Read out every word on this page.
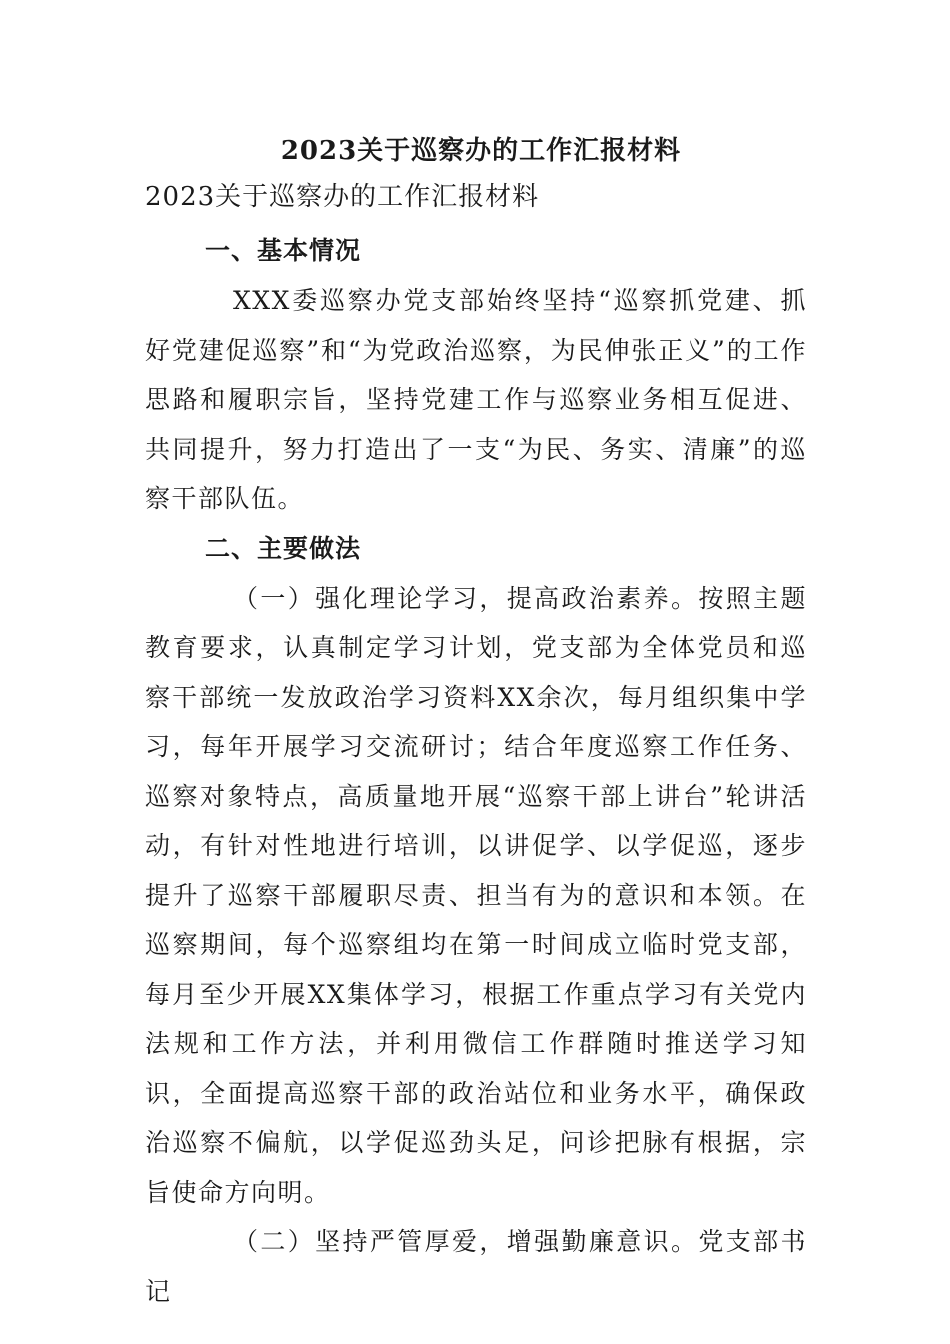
2023关于巡察办的工作汇报材料
2023关于巡察办的工作汇报材料
一、基本情况

XXX委巡察办党支部始终坚持“巡察抓党建、抓好党建促巡察”和“为党政治巡察，为民伸张正义”的工作思路和履职宗旨，坚持党建工作与巡察业务相互促进、共同提升，努力打造出了一支“为民、务实、清廉”的巡察干部队伍。

二、主要做法

（一）强化理论学习，提高政治素养。按照主题教育要求，认真制定学习计划，党支部为全体党员和巡察干部统一发放政治学习资料XX余次，每月组织集中学习，每年开展学习交流研讨；结合年度巡察工作任务、巡察对象特点，高质量地开展“巡察干部上讲台”轮讲活动，有针对性地进行培训，以讲促学、以学促巡，逐步提升了巡察干部履职尽责、担当有为的意识和本领。在巡察期间，每个巡察组均在第一时间成立临时党支部，每月至少开展XX集体学习，根据工作重点学习有关党内法规和工作方法，并利用微信工作群随时推送学习知识，全面提高巡察干部的政治站位和业务水平，确保政治巡察不偏航，以学促巡劲头足，问诊把脉有根据，宗旨使命方向明。

（二）坚持严管厚爱，增强勤廉意识。党支部书记
